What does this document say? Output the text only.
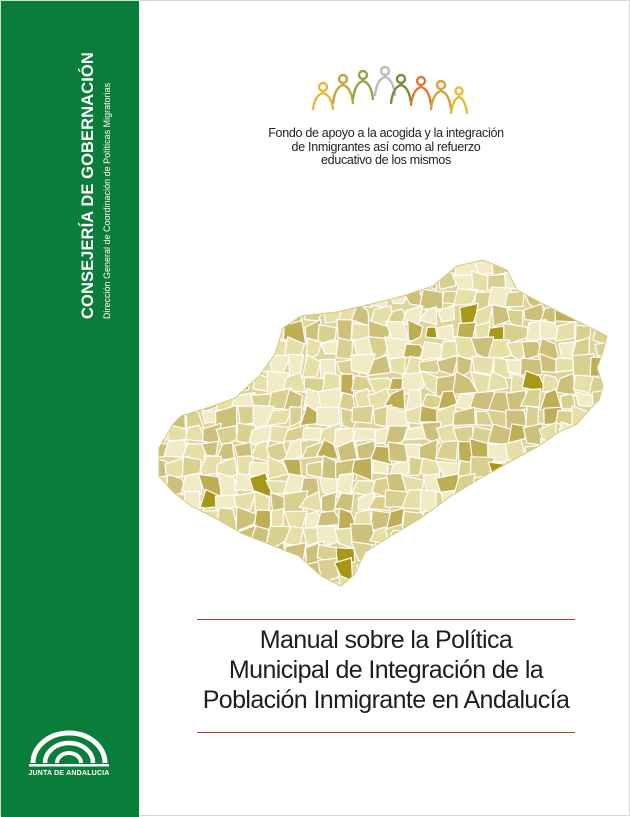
CONSEJERÍA DE GOBERNACIÓN Dirección General de Coordinación de Políticas Migratorias
JUNTA DE ANDALUCIA
Fondo de apoyo a la acogida y la integración
de Inmigrantes así como al refuerzo
educativo de los mismos
Manual sobre la Política
Municipal de Integración de la
Población Inmigrante en Andalucía
